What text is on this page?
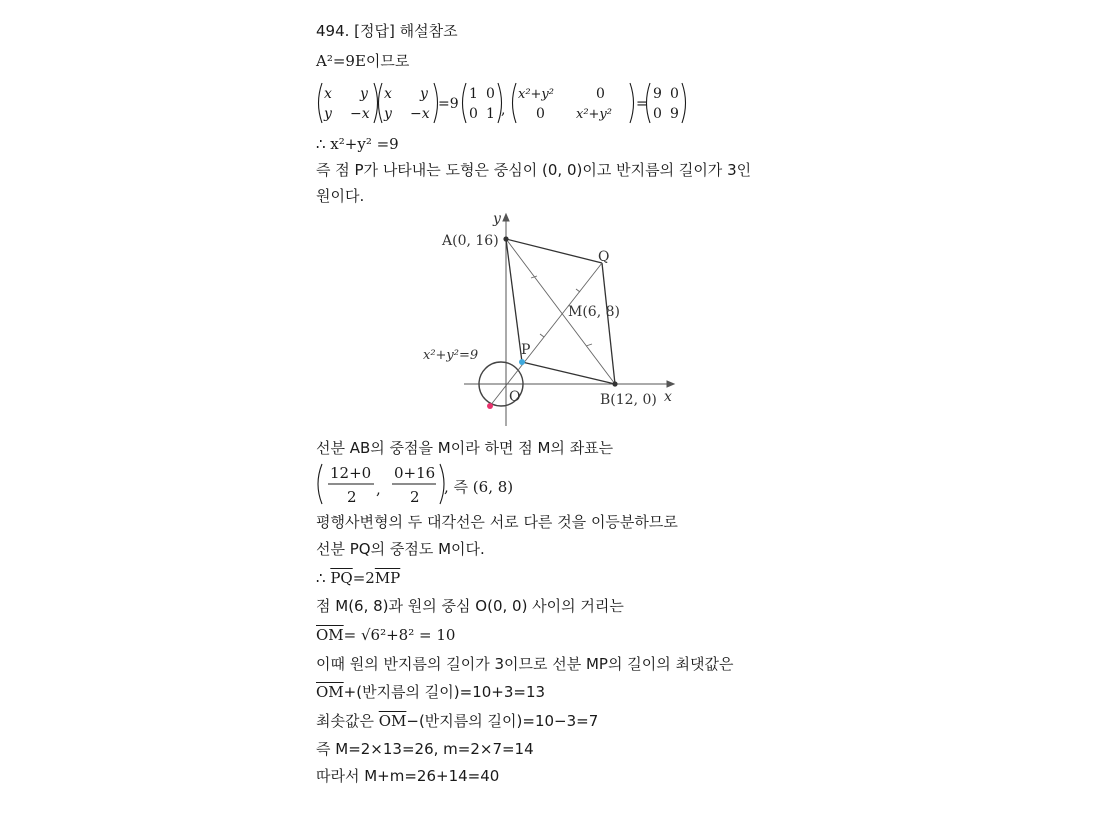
494. [정답] 해설참조
A²=9E이므로
x y
y −x
x y
y −x
=9
1 0
0 1 ,
x²+y²	0
0 x²+y²
=
9 0
0 9
∴ x²+y² =9
즉 점 P가 나타내는 도형은 중심이 (0, 0)이고 반지름의 길이가 3인
원이다.
A(0, 16)
Q
M(6, 8)
P
O	B(12, 0)
x²+y²=9
x
y
선분 AB의 중점을 M이라 하면 점 M의 좌표는
12+0
2 ,
0+16
2
, 즉 (6, 8)
평행사변형의 두 대각선은 서로 다른 것을 이등분하므로
선분 PQ의 중점도 M이다.
∴ $\overline{PQ}=2\overline{MP}$
점 M(6, 8)과 원의 중심 O(0, 0) 사이의 거리는
$\overline{OM}= √6^2+8^2 = 10$
이때 원의 반지름의 길이가 3이므로 선분 MP의 길이의 최댓값은
$\overline{OM}+$(반지름의 길이)=10+3=13
최솟값은 $\overline{OM}-$(반지름의 길이)=10−3=7
즉 M=2×13=26, m=2×7=14
따라서 M+m=26+14=40
